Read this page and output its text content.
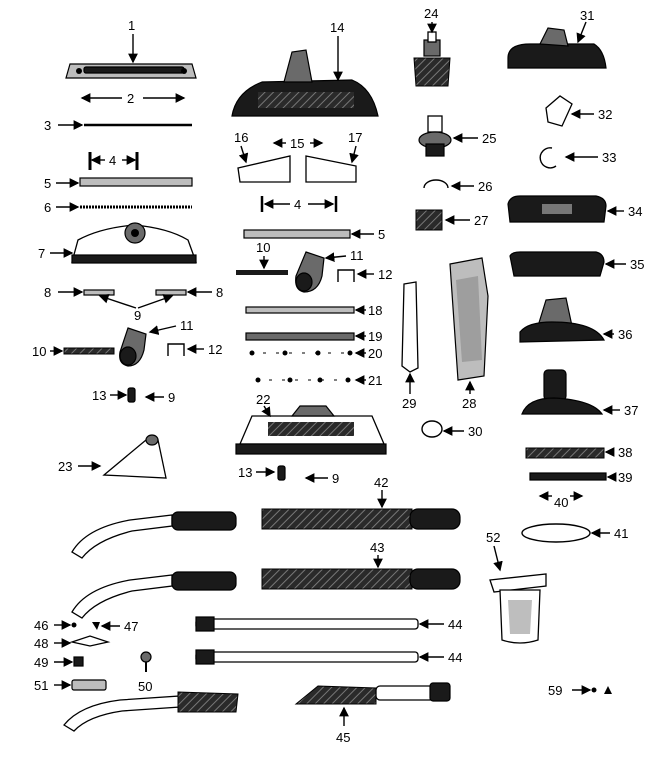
1
2
3
4
5
6
7
8	8
9
11
10	12
13	9
23
46	47
48
49
50
51
14
16	17
15
4
5
10
11
12
18
19
20
21
22
13	9	42
43
44
44
45
24
25
26
27
29	28
30
31
32
33
34
35
36
37
38
39
40
41
52
59
